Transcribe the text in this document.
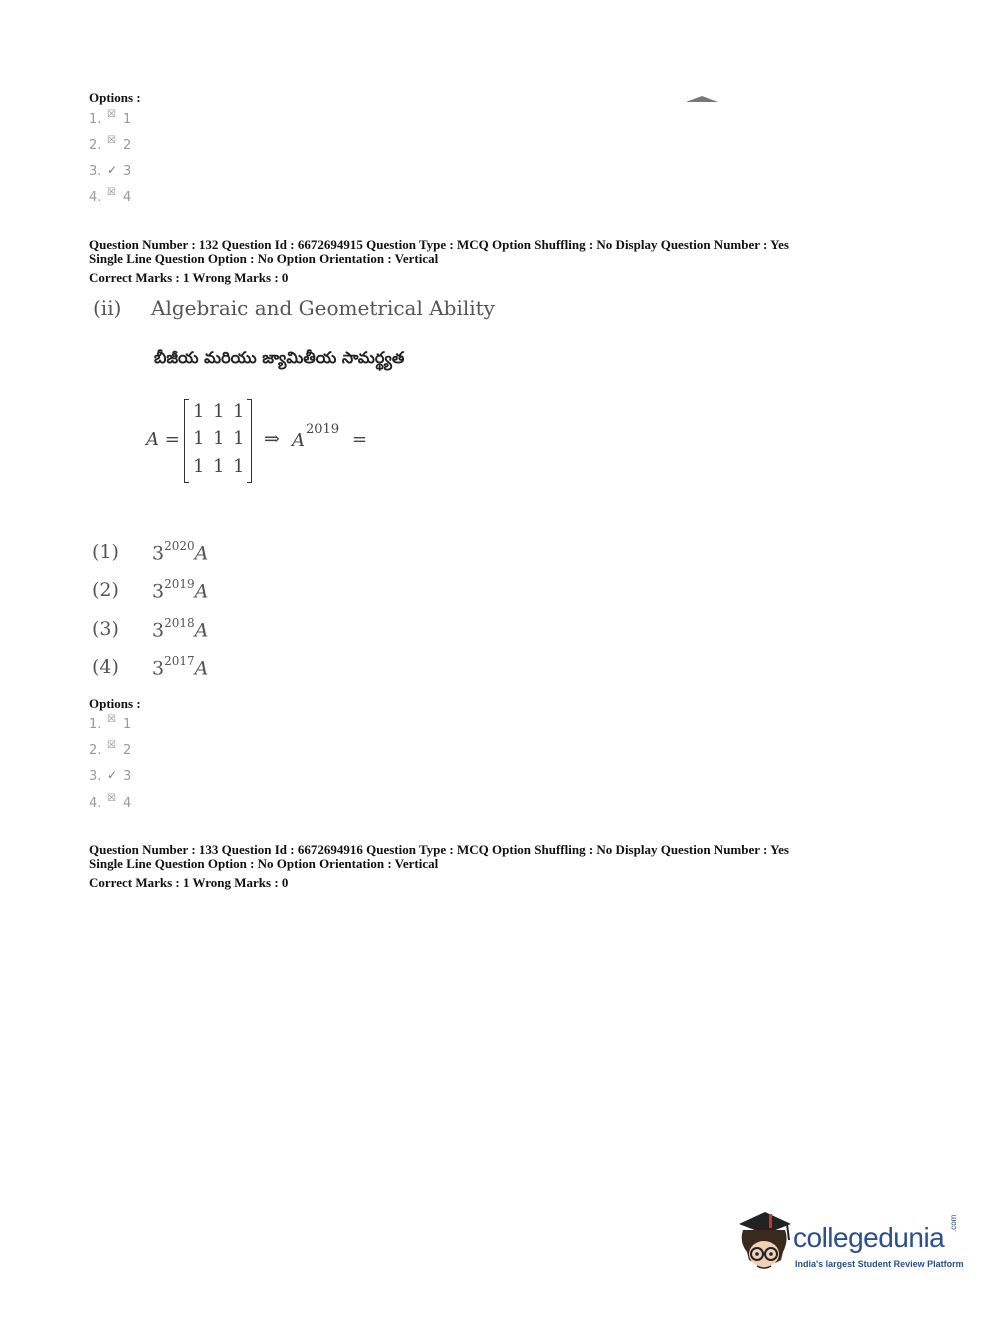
Options :
1. ☒ 1
2. ☒ 2
3. ✓ 3
4. ☒ 4
Question Number : 132 Question Id : 6672694915 Question Type : MCQ Option Shuffling : No Display Question Number : Yes
Single Line Question Option : No Option Orientation : Vertical
Correct Marks : 1 Wrong Marks : 0
(ii) Algebraic and Geometrical Ability
బీజీయ మరియు జ్యామితీయ సామర్థ్యత
A =
1 1 1
1 1 1
1 1 1
⇒ A
2019 =
(1) $3^{2020}A$
(2) $3^{2019}A$
(3) $3^{2018}A$
(4) $3^{2017}A$
Options :
1. ☒ 1
2. ☒ 2
3. ✓ 3
4. ☒ 4
Question Number : 133 Question Id : 6672694916 Question Type : MCQ Option Shuffling : No Display Question Number : Yes
Single Line Question Option : No Option Orientation : Vertical
Correct Marks : 1 Wrong Marks : 0
collegedunia .com
India's largest Student Review Platform
